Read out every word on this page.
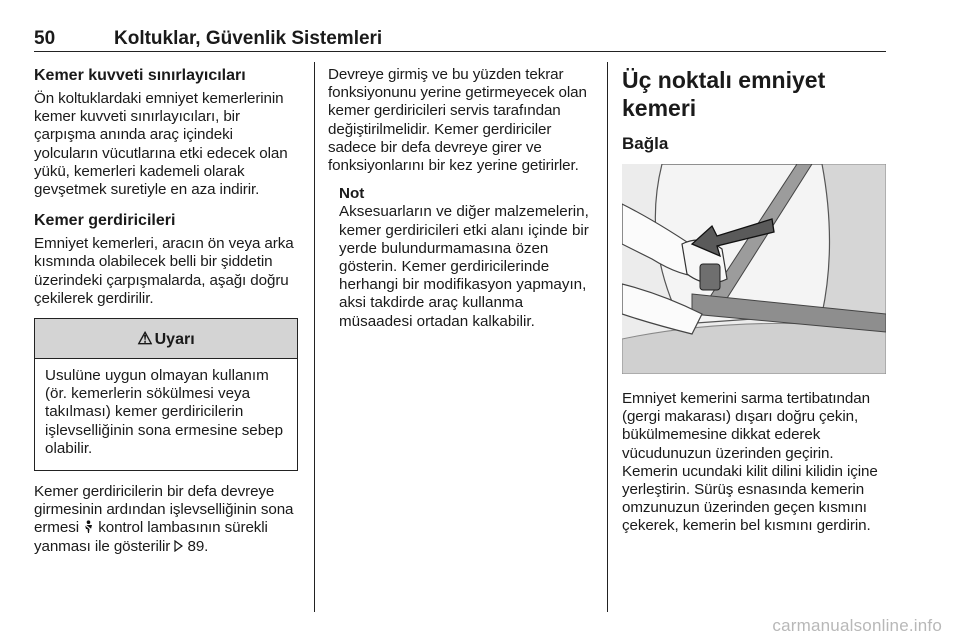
50	Koltuklar, Güvenlik Sistemleri
Kemer kuvveti sınırlayıcıları
Ön koltuklardaki emniyet kemerlerinin kemer kuvveti sınırlayıcıları, bir çarpışma anında araç içindeki yolcuların vücutlarına etki edecek olan yükü, kemerleri kademeli olarak gevşetmek suretiyle en aza indirir.
Kemer gerdiricileri
Emniyet kemerleri, aracın ön veya arka kısmında olabilecek belli bir şiddetin üzerindeki çarpışmalarda, aşağı doğru çekilerek gerdirilir.
⚠ Uyarı
Usulüne uygun olmayan kullanım (ör. kemerlerin sökülmesi veya takılması) kemer gerdiricilerin işlevselliğinin sona ermesine sebep olabilir.
Kemer gerdiricilerin bir defa devreye girmesinin ardından işlevselliğinin sona ermesi  kontrol lambasının sürekli yanması ile gösterilir 89.
Devreye girmiş ve bu yüzden tekrar fonksiyonunu yerine getirmeyecek olan kemer gerdiricileri servis tarafından değiştirilmelidir. Kemer gerdiriciler sadece bir defa devreye girer ve fonksiyonlarını bir kez yerine getirirler.
Not
Aksesuarların ve diğer malzemelerin, kemer gerdiricileri etki alanı içinde bir yerde bulundurmamasına özen gösterin. Kemer gerdiricilerinde herhangi bir modifikasyon yapmayın, aksi takdirde araç kullanma müsaadesi ortadan kalkabilir.
Üç noktalı emniyet kemeri
Bağla
Emniyet kemerini sarma tertibatından (gergi makarası) dışarı doğru çekin, bükülmemesine dikkat ederek vücudunuzun üzerinden geçirin. Kemerin ucundaki kilit dilini kilidin içine yerleştirin. Sürüş esnasında kemerin omzunuzun üzerinden geçen kısmını çekerek, kemerin bel kısmını gerdirin.
carmanualsonline.info
